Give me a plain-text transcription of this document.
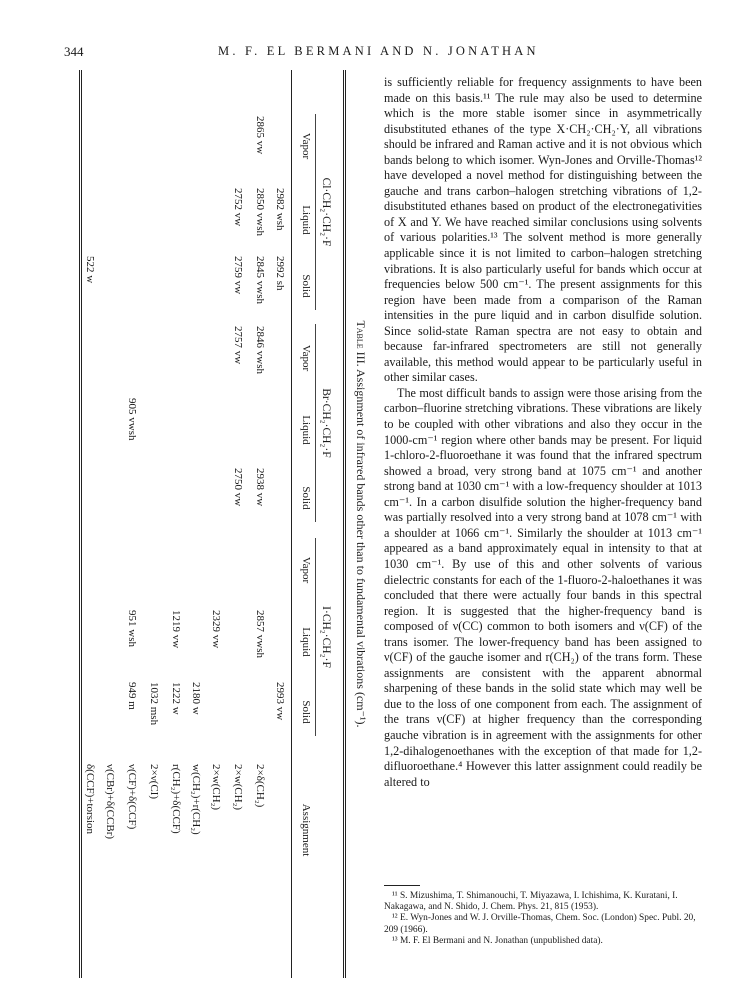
344	M. F. EL BERMANI AND N. JONATHAN
Table III. Assignment of infrared bands other than to fundamental vibrations (cm⁻¹).
Cl·CH₂·CH₂·F
Br·CH₂·CH₂·F
I·CH₂·CH₂·F
Vapor
Liquid
Solid
Vapor
Liquid
Solid
Vapor
Liquid
Solid
Assignment
2982 wsh
2992 sh
2993 vw
2865 vw
2850 vwsh
2845 vwsh
2846 vwsh
2938 vw
2857 vwsh
2×δ(CH₂)
2752 vw
2759 vw
2757 vw
2750 vw
2×w(CH₂)
2329 vw
2×w(CH₂)
2180 w
w(CH₂)+r(CH₂)
1219 vw
1222 w
r(CH₂)+δ(CCF)
1032 msh
2×ν(CI)
905 vwsh
951 wsh
949 m
ν(CF)+δ(CCF)
ν(CBr)+δ(CCBr)
522 w
δ(CCF)+torsion

is sufficiently reliable for frequency assignments to have been made on this basis.¹¹ The rule may also be used to determine which is the more stable isomer since in asymmetrically disubstituted ethanes of the type X·CH₂·CH₂·Y, all vibrations should be infrared and Raman active and it is not obvious which bands belong to which isomer. Wyn-Jones and Orville-Thomas¹² have developed a novel method for distinguishing between the gauche and trans carbon–halogen stretching vibrations of 1,2-disubstituted ethanes based on product of the electronegativities of X and Y. We have reached similar conclusions using solvents of various polarities.¹³ The solvent method is more generally applicable since it is not limited to carbon–halogen stretching vibrations. It is also particularly useful for bands which occur at frequencies below 500 cm⁻¹. The present assignments for this region have been made from a comparison of the Raman intensities in the pure liquid and in carbon disulfide solution. Since solid-state Raman spectra are not easy to obtain and because far-infrared spectrometers are still not generally available, this method would appear to be particularly useful in other similar cases.

The most difficult bands to assign were those arising from the carbon–fluorine stretching vibrations. These vibrations are likely to be coupled with other vibrations and also they occur in the 1000-cm⁻¹ region where other bands may be present. For liquid 1-chloro-2-fluoroethane it was found that the infrared spectrum showed a broad, very strong band at 1075 cm⁻¹ and another strong band at 1030 cm⁻¹ with a low-frequency shoulder at 1013 cm⁻¹. In a carbon disulfide solution the higher-frequency band was partially resolved into a very strong band at 1078 cm⁻¹ with a shoulder at 1066 cm⁻¹. Similarly the shoulder at 1013 cm⁻¹ appeared as a band approximately equal in intensity to that at 1030 cm⁻¹. By use of this and other solvents of various dielectric constants for each of the 1-fluoro-2-haloethanes it was concluded that there were actually four bands in this spectral region. It is suggested that the higher-frequency band is composed of ν(CC) common to both isomers and ν(CF) of the trans isomer. The lower-frequency band has been assigned to ν(CF) of the gauche isomer and r(CH₂) of the trans form. These assignments are consistent with the apparent abnormal sharpening of these bands in the solid state which may well be due to the loss of one component from each. The assignment of the trans ν(CF) at higher frequency than the corresponding gauche vibration is in agreement with the assignments for other 1,2-dihalogenoethanes with the exception of that made for 1,2-difluoroethane.⁴ However this latter assignment could readily be altered to

¹¹ S. Mizushima, T. Shimanouchi, T. Miyazawa, I. Ichishima, K. Kuratani, I. Nakagawa, and N. Shido, J. Chem. Phys. 21, 815 (1953).

¹² E. Wyn-Jones and W. J. Orville-Thomas, Chem. Soc. (London) Spec. Publ. 20, 209 (1966).

¹³ M. F. El Bermani and N. Jonathan (unpublished data).
